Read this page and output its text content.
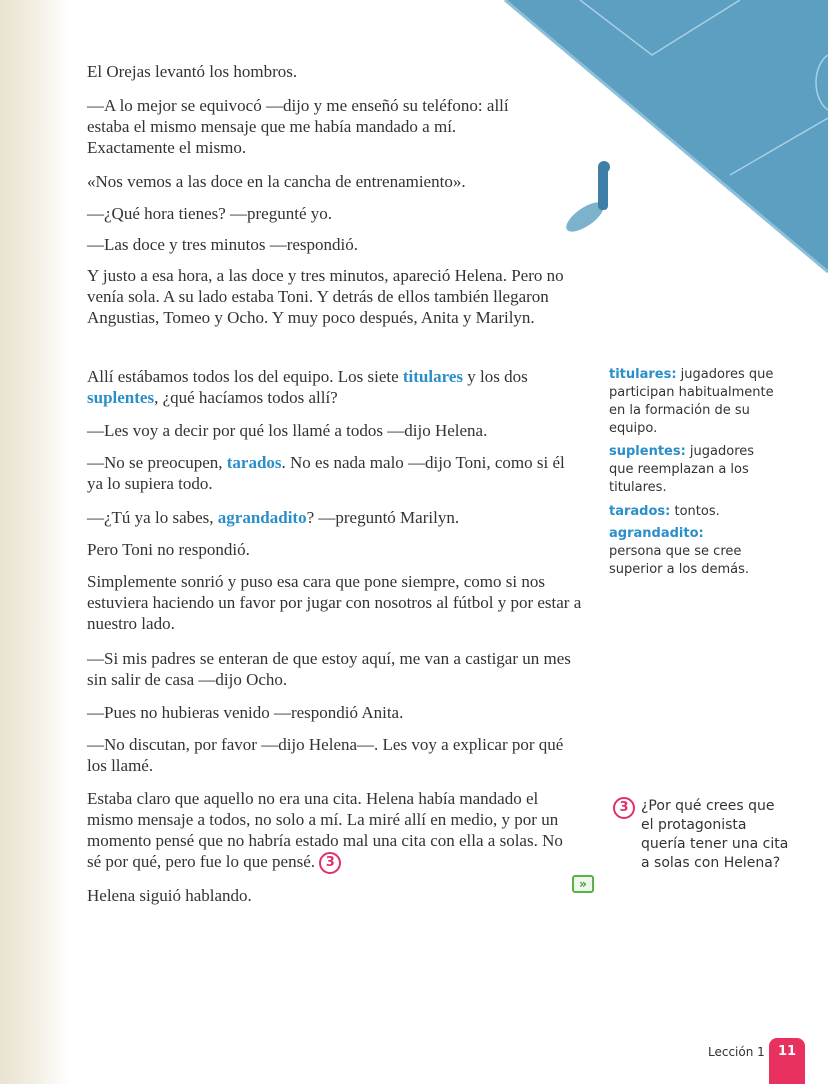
El Orejas levantó los hombros.

—A lo mejor se equivocó —dijo y me enseñó su teléfono: allí estaba el mismo mensaje que me había mandado a mí. Exactamente el mismo.

«Nos vemos a las doce en la cancha de entrenamiento».

—¿Qué hora tienes? —pregunté yo.

—Las doce y tres minutos —respondió.

Y justo a esa hora, a las doce y tres minutos, apareció Helena. Pero no venía sola. A su lado estaba Toni. Y detrás de ellos también llegaron Angustias, Tomeo y Ocho. Y muy poco después, Anita y Marilyn.

Allí estábamos todos los del equipo. Los siete titulares y los dos suplentes, ¿qué hacíamos todos allí?

—Les voy a decir por qué los llamé a todos —dijo Helena.

—No se preocupen, tarados. No es nada malo —dijo Toni, como si él ya lo supiera todo.

—¿Tú ya lo sabes, agrandadito? —preguntó Marilyn.

Pero Toni no respondió.

Simplemente sonrió y puso esa cara que pone siempre, como si nos estuviera haciendo un favor por jugar con nosotros al fútbol y por estar a nuestro lado.

—Si mis padres se enteran de que estoy aquí, me van a castigar un mes sin salir de casa —dijo Ocho.

—Pues no hubieras venido —respondió Anita.

—No discutan, por favor —dijo Helena—. Les voy a explicar por qué los llamé.

Estaba claro que aquello no era una cita. Helena había mandado el mismo mensaje a todos, no solo a mí. La miré allí en medio, y por un momento pensé que no habría estado mal una cita con ella a solas. No sé por qué, pero fue lo que pensé. 3

Helena siguió hablando.

titulares: jugadores que participan habitualmente en la formación de su equipo.

suplentes: jugadores que reemplazan a los titulares.

tarados: tontos.

agrandadito: persona que se cree superior a los demás.

3 ¿Por qué crees que el protagonista quería tener una cita a solas con Helena?

»
Lección 1	11
